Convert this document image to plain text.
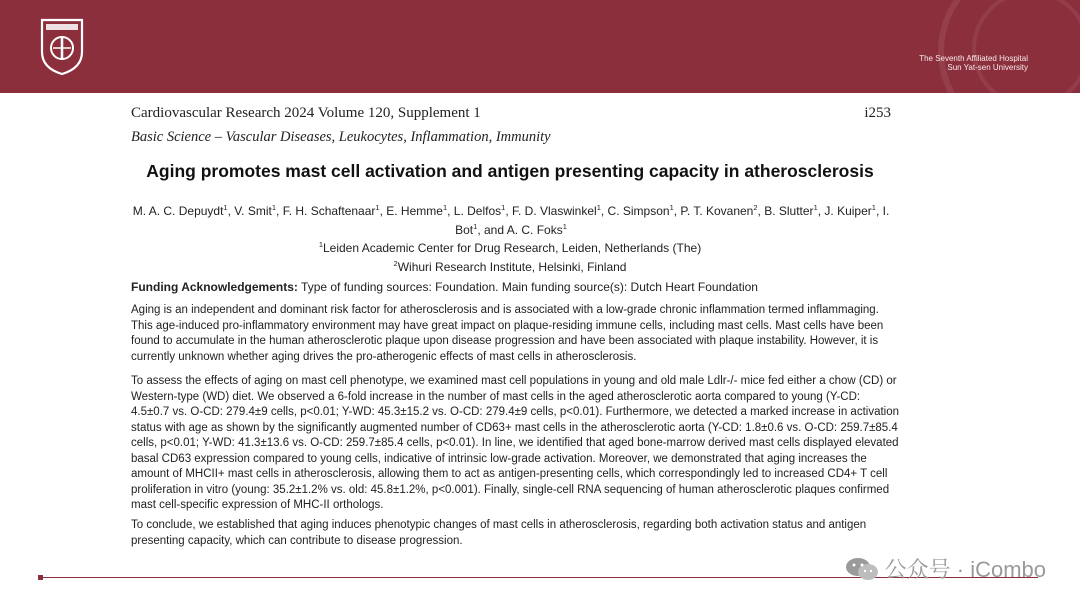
The Seventh Affiliated Hospital
Sun Yat-sen University
Cardiovascular Research 2024 Volume 120, Supplement 1	i253
Basic Science – Vascular Diseases, Leukocytes, Inflammation, Immunity
Aging promotes mast cell activation and antigen presenting capacity in atherosclerosis
M. A. C. Depuydt$^1$, V. Smit$^1$, F. H. Schaftenaar$^1$, E. Hemme$^1$, L. Delfos$^1$, F. D. Vlaswinkel$^1$, C. Simpson$^1$, P. T. Kovanen$^2$, B. Slutter$^1$, J. Kuiper$^1$, I. Bot$^1$, and A. C. Foks$^1$
$^1$Leiden Academic Center for Drug Research, Leiden, Netherlands (The)
$^2$Wihuri Research Institute, Helsinki, Finland
Funding Acknowledgements: Type of funding sources: Foundation. Main funding source(s): Dutch Heart Foundation
Aging is an independent and dominant risk factor for atherosclerosis and is associated with a low-grade chronic inflammation termed inflammaging. This age-induced pro-inflammatory environment may have great impact on plaque-residing immune cells, including mast cells. Mast cells have been found to accumulate in the human atherosclerotic plaque upon disease progression and have been associated with plaque instability. However, it is currently unknown whether aging drives the pro-atherogenic effects of mast cells in atherosclerosis.
To assess the effects of aging on mast cell phenotype, we examined mast cell populations in young and old male Ldlr-/- mice fed either a chow (CD) or Western-type (WD) diet. We observed a 6-fold increase in the number of mast cells in the aged atherosclerotic aorta compared to young (Y-CD: 4.5±0.7 vs. O-CD: 279.4±9 cells, p<0.01; Y-WD: 45.3±15.2 vs. O-CD: 279.4±9 cells, p<0.01). Furthermore, we detected a marked increase in activation status with age as shown by the significantly augmented number of CD63+ mast cells in the atherosclerotic aorta (Y-CD: 1.8±0.6 vs. O-CD: 259.7±85.4 cells, p<0.01; Y-WD: 41.3±13.6 vs. O-CD: 259.7±85.4 cells, p<0.01). In line, we identified that aged bone-marrow derived mast cells displayed elevated basal CD63 expression compared to young cells, indicative of intrinsic low-grade activation. Moreover, we demonstrated that aging increases the amount of MHCII+ mast cells in atherosclerosis, allowing them to act as antigen-presenting cells, which correspondingly led to increased CD4+ T cell proliferation in vitro (young: 35.2±1.2% vs. old: 45.8±1.2%, p<0.001). Finally, single-cell RNA sequencing of human atherosclerotic plaques confirmed mast cell-specific expression of MHC-II orthologs.
To conclude, we established that aging induces phenotypic changes of mast cells in atherosclerosis, regarding both activation status and antigen presenting capacity, which can contribute to disease progression.
公众号 · iCombo
